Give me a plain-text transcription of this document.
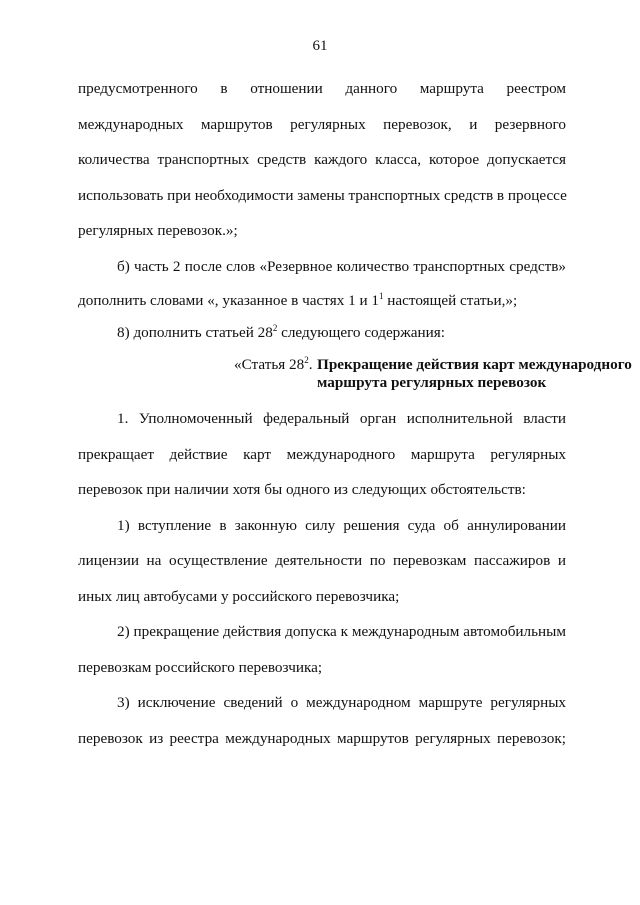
61
предусмотренного в отношении данного маршрута реестром
международных маршрутов регулярных перевозок, и резервного
количества транспортных средств каждого класса, которое допускается
использовать при необходимости замены транспортных средств в процессе
регулярных перевозок.»;
б) часть 2 после слов «Резервное количество транспортных средств»
дополнить словами «, указанное в частях 1 и $1^1$ настоящей статьи,»;
8) дополнить статьей $28^2$ следующего содержания:
«Статья $28^2$. Прекращение действия карт международного маршрута регулярных перевозок
1. Уполномоченный федеральный орган исполнительной власти
прекращает действие карт международного маршрута регулярных
перевозок при наличии хотя бы одного из следующих обстоятельств:
1) вступление в законную силу решения суда об аннулировании
лицензии на осуществление деятельности по перевозкам пассажиров и
иных лиц автобусами у российского перевозчика;
2) прекращение действия допуска к международным автомобильным
перевозкам российского перевозчика;
3) исключение сведений о международном маршруте регулярных
перевозок из реестра международных маршрутов регулярных перевозок;
